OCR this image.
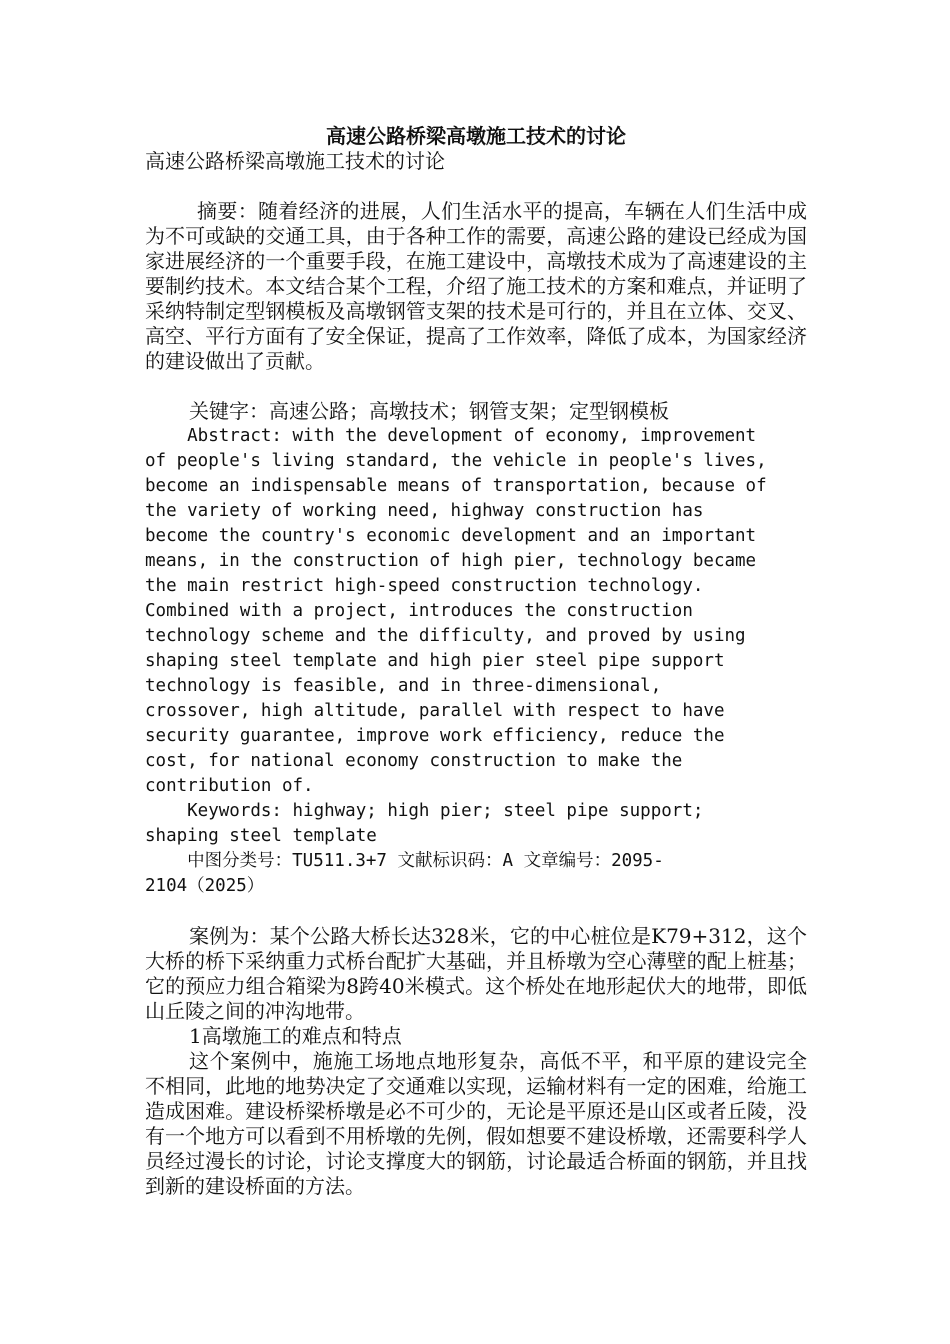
高速公路桥梁高墩施工技术的讨论

高速公路桥梁高墩施工技术的讨论

摘要：随着经济的进展，人们生活水平的提高，车辆在人们生活中成为不可或缺的交通工具，由于各种工作的需要，高速公路的建设已经成为国家进展经济的一个重要手段，在施工建设中，高墩技术成为了高速建设的主要制约技术。本文结合某个工程，介绍了施工技术的方案和难点，并证明了采纳特制定型钢模板及高墩钢管支架的技术是可行的，并且在立体、交叉、高空、平行方面有了安全保证，提高了工作效率，降低了成本，为国家经济的建设做出了贡献。

关键字：高速公路；高墩技术；钢管支架；定型钢模板

Abstract: with the development of economy, improvement
of people's living standard, the vehicle in people's lives,
become an indispensable means of transportation, because of
the variety of working need, highway construction has
become the country's economic development and an important
means, in the construction of high pier, technology became
the main restrict high-speed construction technology.
Combined with a project, introduces the construction
technology scheme and the difficulty, and proved by using
shaping steel template and high pier steel pipe support
technology is feasible, and in three-dimensional,
crossover, high altitude, parallel with respect to have
security guarantee, improve work efficiency, reduce the
cost, for national economy construction to make the
contribution of.
Keywords: highway; high pier; steel pipe support;
shaping steel template
中图分类号：TU511.3+7 文献标识码：A 文章编号：2095-
2104（2025）

案例为：某个公路大桥长达328米，它的中心桩位是K79+312，这个大桥的桥下采纳重力式桥台配扩大基础，并且桥墩为空心薄壁的配上桩基；它的预应力组合箱梁为8跨40米模式。这个桥处在地形起伏大的地带，即低山丘陵之间的冲沟地带。

1高墩施工的难点和特点

这个案例中，施施工场地点地形复杂，高低不平，和平原的建设完全不相同，此地的地势决定了交通难以实现，运输材料有一定的困难，给施工造成困难。建设桥梁桥墩是必不可少的，无论是平原还是山区或者丘陵，没有一个地方可以看到不用桥墩的先例，假如想要不建设桥墩，还需要科学人员经过漫长的讨论，讨论支撑度大的钢筋，讨论最适合桥面的钢筋，并且找到新的建设桥面的方法。
